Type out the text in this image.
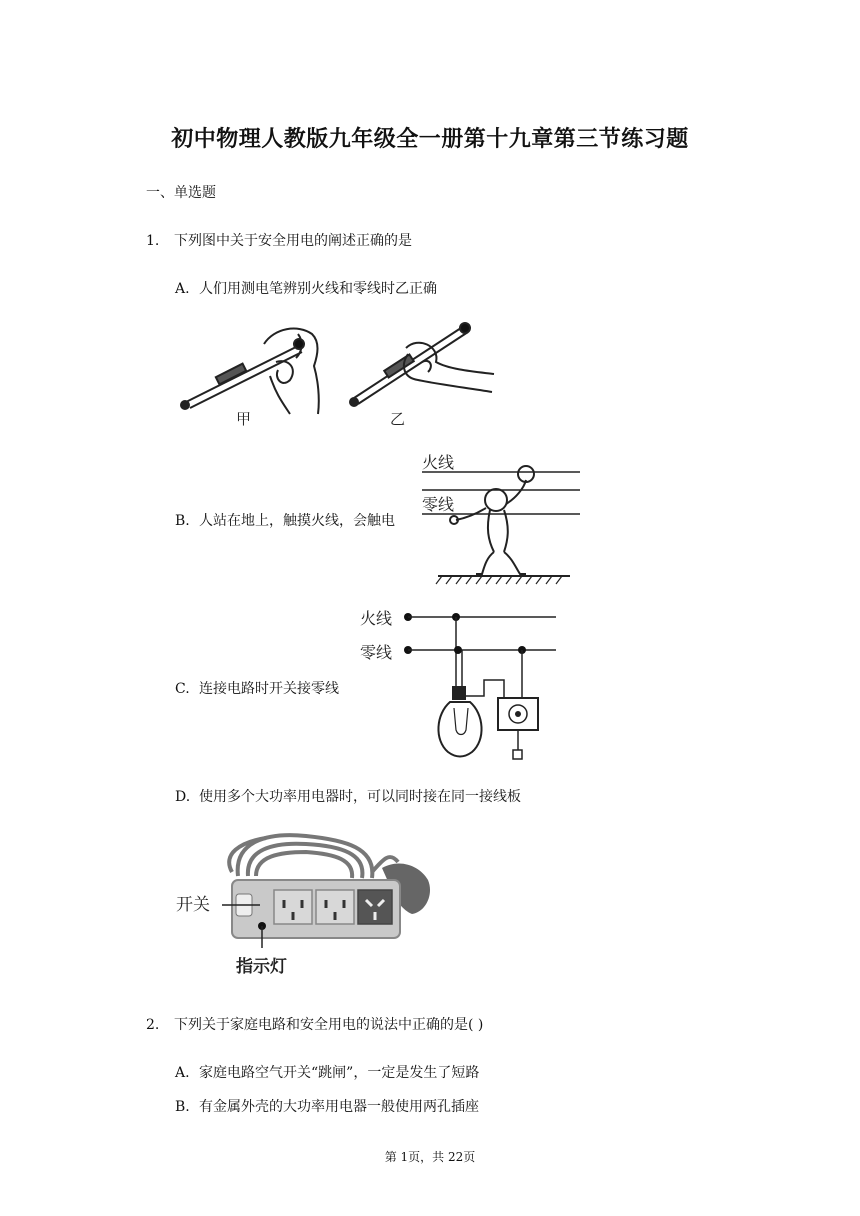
初中物理人教版九年级全一册第十九章第三节练习题
一、单选题
1. 下列图中关于安全用电的阐述正确的是
A. 人们用测电笔辨别火线和零线时乙正确
甲	乙
B. 人站在地上，触摸火线，会触电
火线
零线
C. 连接电路时开关接零线
火线
零线
D. 使用多个大功率用电器时，可以同时接在同一接线板
开关
指示灯
2. 下列关于家庭电路和安全用电的说法中正确的是( )
A. 家庭电路空气开关“跳闸”，一定是发生了短路
B. 有金属外壳的大功率用电器一般使用两孔插座
第 1页，共 22页
